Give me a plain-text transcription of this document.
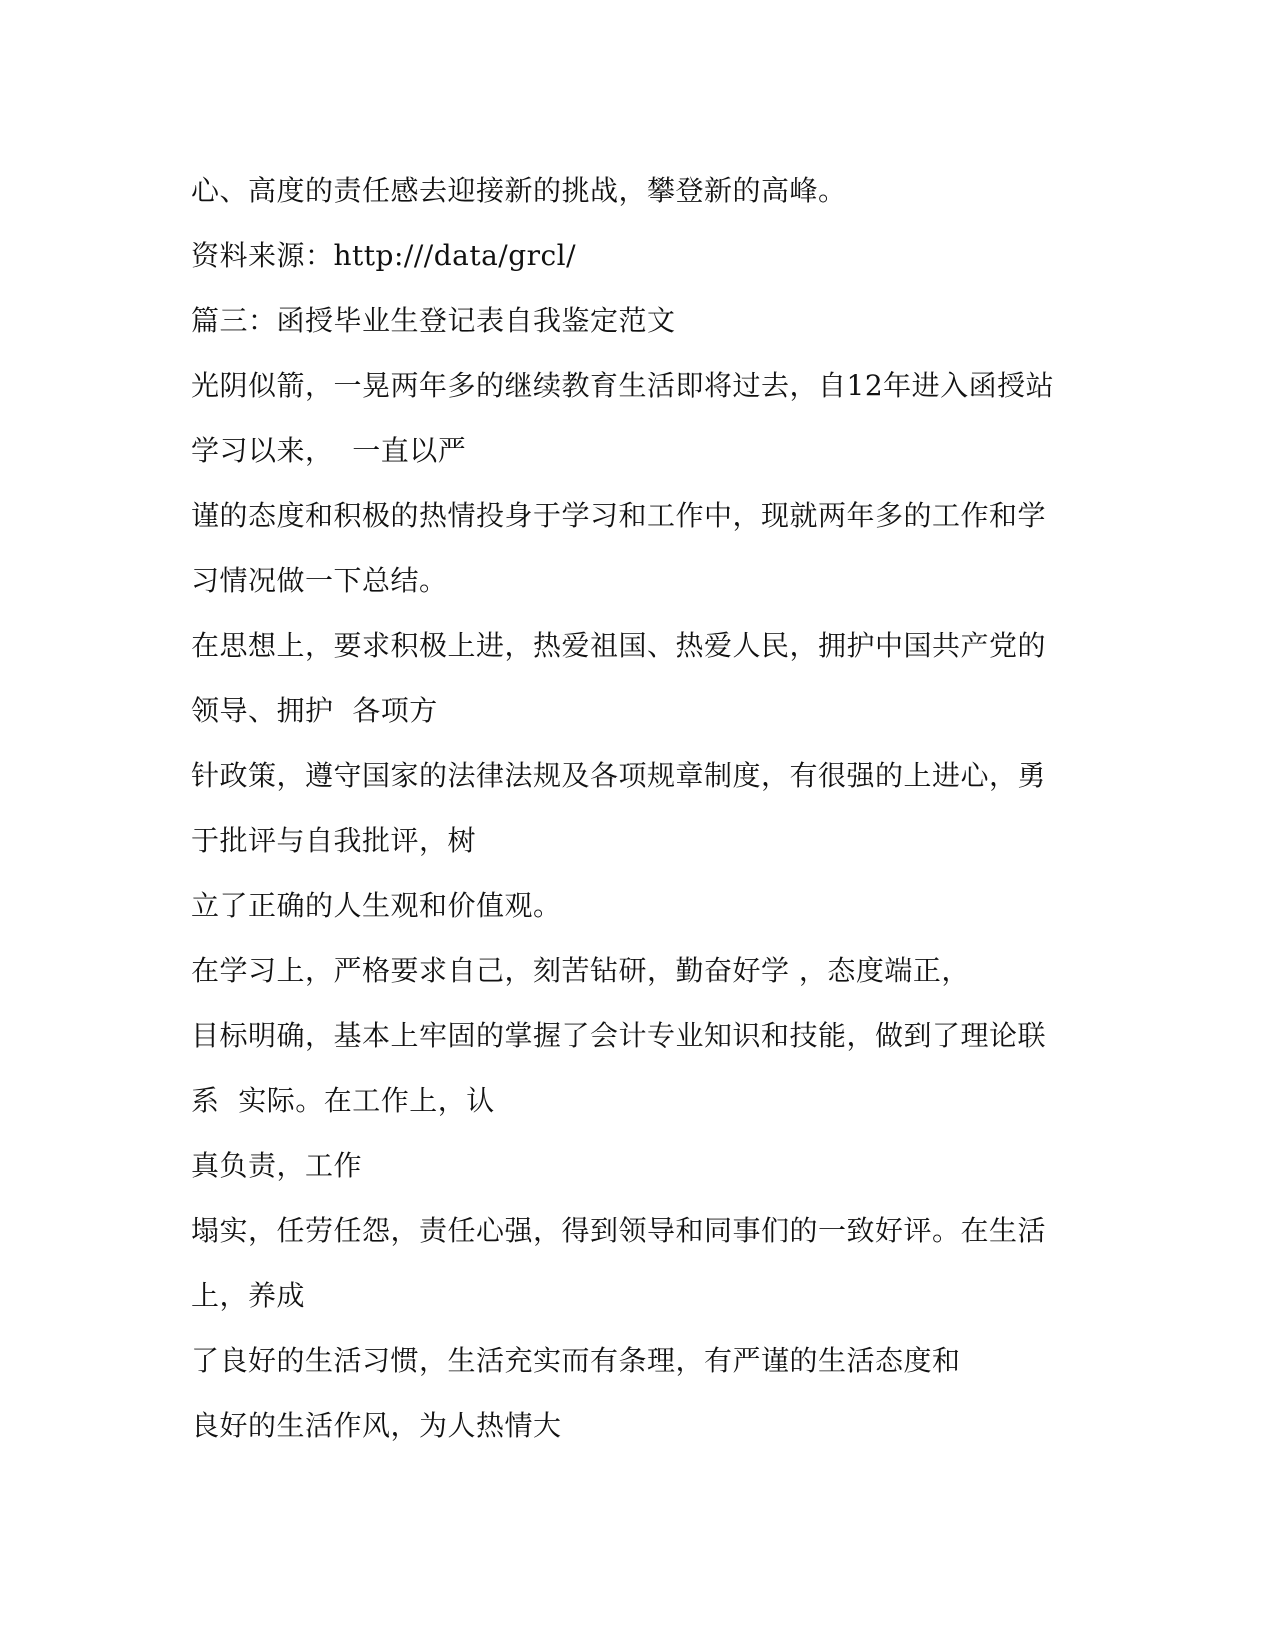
心、高度的责任感去迎接新的挑战，攀登新的高峰。
资料来源：http:///data/grcl/
篇三：函授毕业生登记表自我鉴定范文
光阴似箭，一晃两年多的继续教育生活即将过去，自12年进入函授站
学习以来，  一直以严
谨的态度和积极的热情投身于学习和工作中，现就两年多的工作和学
习情况做一下总结。
在思想上，要求积极上进，热爱祖国、热爱人民，拥护中国共产党的
领导、拥护  各项方
针政策，遵守国家的法律法规及各项规章制度，有很强的上进心，勇
于批评与自我批评，树
立了正确的人生观和价值观。
在学习上，严格要求自己，刻苦钻研，勤奋好学 ，态度端正，
目标明确，基本上牢固的掌握了会计专业知识和技能，做到了理论联
系  实际。在工作上，认
真负责，工作
塌实，任劳任怨，责任心强，得到领导和同事们的一致好评。在生活
上，养成
了良好的生活习惯，生活充实而有条理，有严谨的生活态度和
良好的生活作风，为人热情大
